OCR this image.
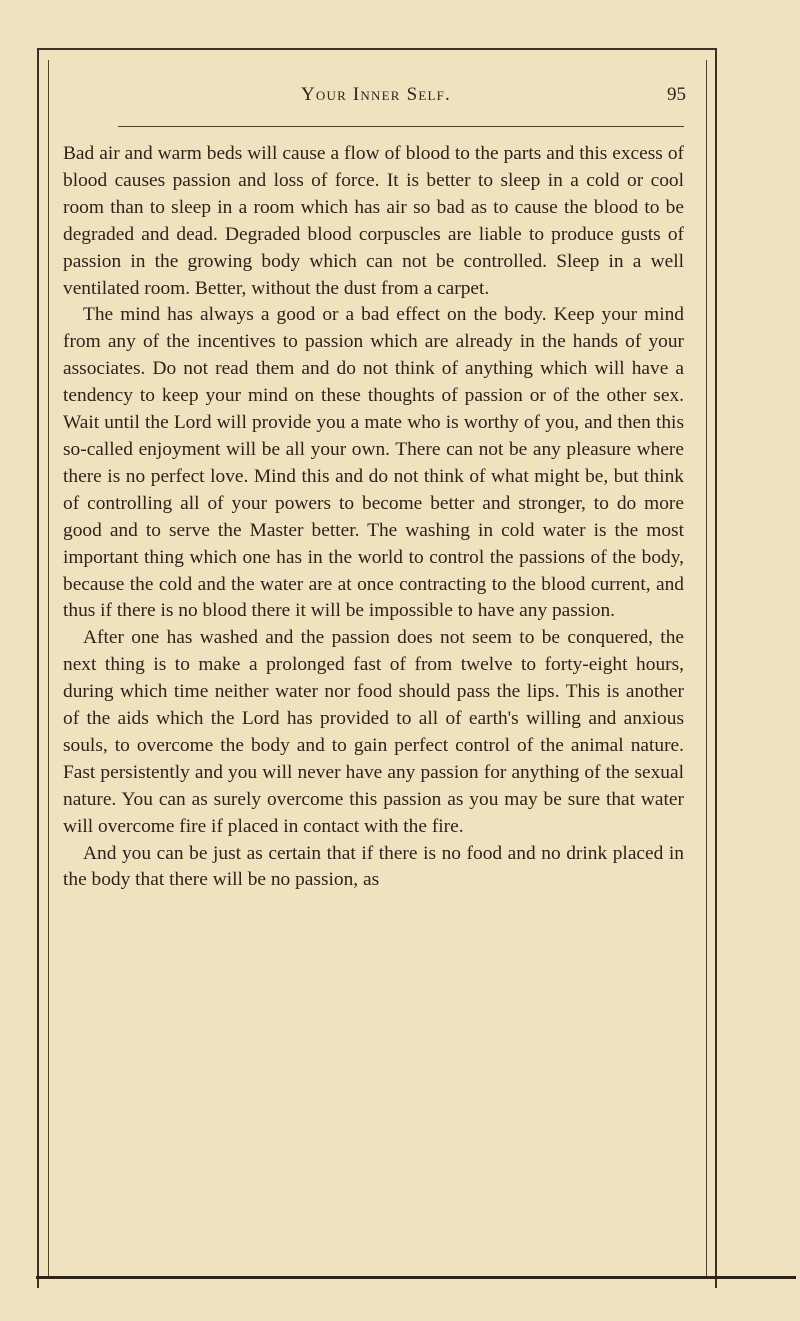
Your Inner Self.	95

Bad air and warm beds will cause a flow of blood to the parts and this excess of blood causes passion and loss of force. It is better to sleep in a cold or cool room than to sleep in a room which has air so bad as to cause the blood to be degraded and dead. Degraded blood corpuscles are liable to produce gusts of passion in the growing body which can not be controlled. Sleep in a well ventilated room. Better, without the dust from a carpet.

The mind has always a good or a bad effect on the body. Keep your mind from any of the incentives to passion which are already in the hands of your associates. Do not read them and do not think of anything which will have a tendency to keep your mind on these thoughts of passion or of the other sex. Wait until the Lord will provide you a mate who is worthy of you, and then this so-called enjoyment will be all your own. There can not be any pleasure where there is no perfect love. Mind this and do not think of what might be, but think of controlling all of your powers to become better and stronger, to do more good and to serve the Master better. The washing in cold water is the most important thing which one has in the world to control the passions of the body, because the cold and the water are at once contracting to the blood current, and thus if there is no blood there it will be impossible to have any passion.

After one has washed and the passion does not seem to be conquered, the next thing is to make a prolonged fast of from twelve to forty-eight hours, during which time neither water nor food should pass the lips. This is another of the aids which the Lord has provided to all of earth's willing and anxious souls, to overcome the body and to gain perfect control of the animal nature. Fast persistently and you will never have any passion for anything of the sexual nature. You can as surely overcome this passion as you may be sure that water will overcome fire if placed in contact with the fire.

And you can be just as certain that if there is no food and no drink placed in the body that there will be no passion, as
